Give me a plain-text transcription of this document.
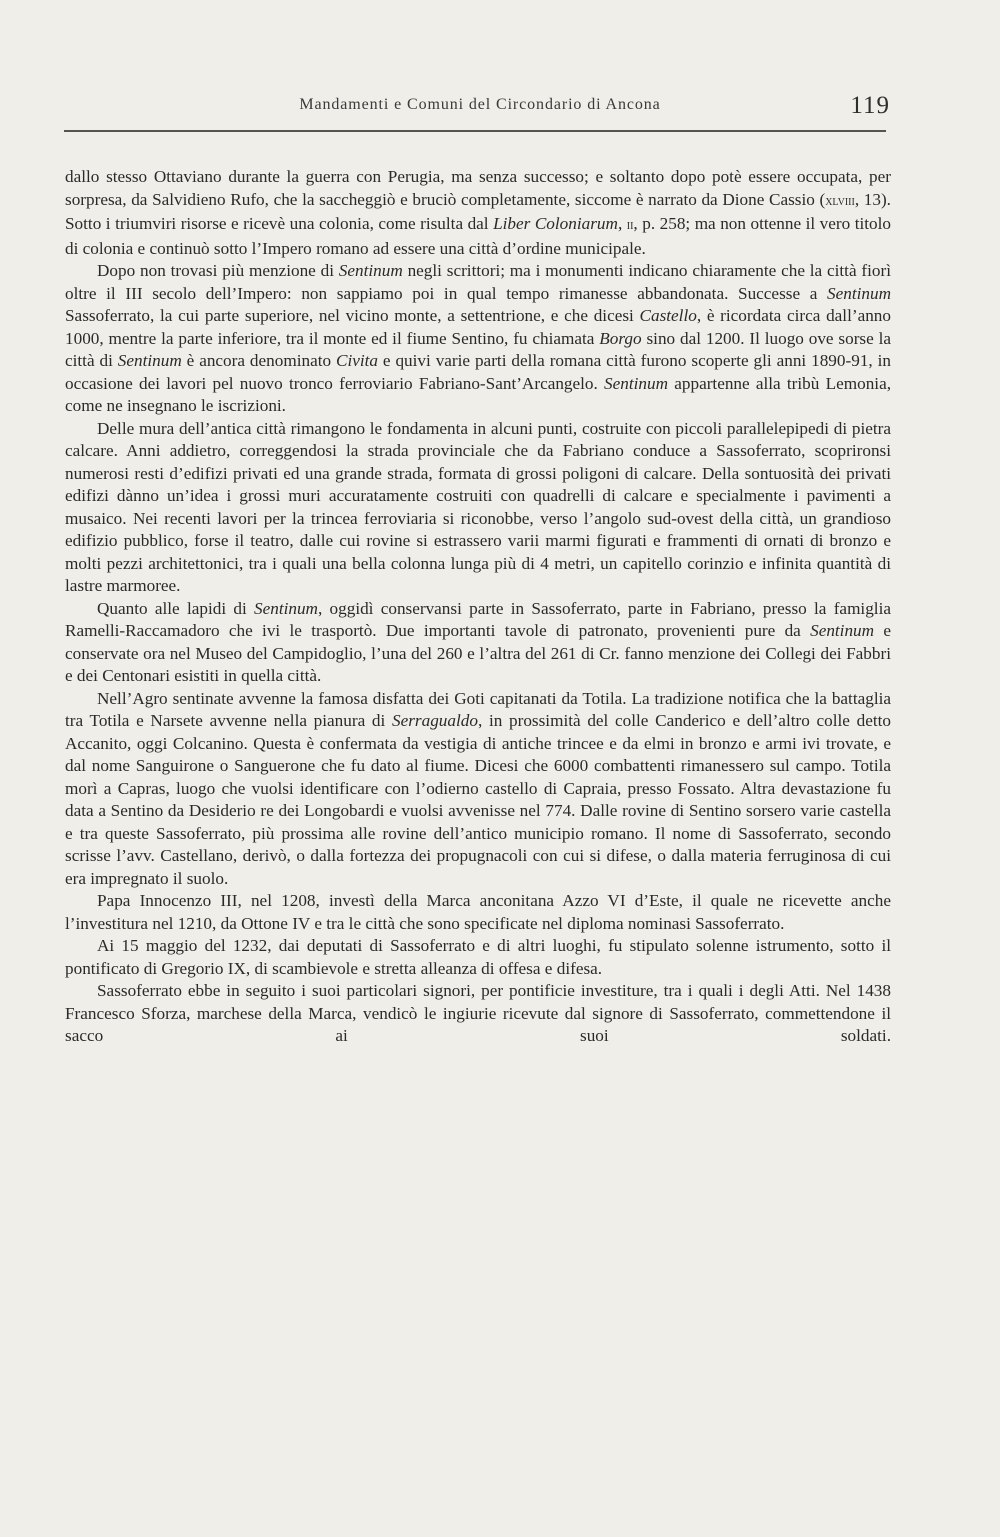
Mandamenti e Comuni del Circondario di Ancona	119

dallo stesso Ottaviano durante la guerra con Perugia, ma senza successo; e soltanto dopo potè essere occupata, per sorpresa, da Salvidieno Rufo, che la saccheggiò e bruciò completamente, siccome è narrato da Dione Cassio (xlviii, 13). Sotto i triumviri risorse e ricevè una colonia, come risulta dal Liber Coloniarum, ii, p. 258; ma non ottenne il vero titolo di colonia e continuò sotto l’Impero romano ad essere una città d’ordine municipale.

Dopo non trovasi più menzione di Sentinum negli scrittori; ma i monumenti indicano chiaramente che la città fiorì oltre il III secolo dell’Impero: non sappiamo poi in qual tempo rimanesse abbandonata. Successe a Sentinum Sassoferrato, la cui parte superiore, nel vicino monte, a settentrione, e che dicesi Castello, è ricordata circa dall’anno 1000, mentre la parte inferiore, tra il monte ed il fiume Sentino, fu chiamata Borgo sino dal 1200. Il luogo ove sorse la città di Sentinum è ancora denominato Civita e quivi varie parti della romana città furono scoperte gli anni 1890-91, in occasione dei lavori pel nuovo tronco ferroviario Fabriano-Sant’Arcangelo. Sentinum appartenne alla tribù Lemonia, come ne insegnano le iscrizioni.

Delle mura dell’antica città rimangono le fondamenta in alcuni punti, costruite con piccoli parallelepipedi di pietra calcare. Anni addietro, correggendosi la strada provinciale che da Fabriano conduce a Sassoferrato, scoprironsi numerosi resti d’edifizi privati ed una grande strada, formata di grossi poligoni di calcare. Della sontuosità dei privati edifizi dànno un’idea i grossi muri accuratamente costruiti con quadrelli di calcare e specialmente i pavimenti a musaico. Nei recenti lavori per la trincea ferroviaria si riconobbe, verso l’angolo sud-ovest della città, un grandioso edifizio pubblico, forse il teatro, dalle cui rovine si estrassero varii marmi figurati e frammenti di ornati di bronzo e molti pezzi architettonici, tra i quali una bella colonna lunga più di 4 metri, un capitello corinzio e infinita quantità di lastre marmoree.

Quanto alle lapidi di Sentinum, oggidì conservansi parte in Sassoferrato, parte in Fabriano, presso la famiglia Ramelli-Raccamadoro che ivi le trasportò. Due importanti tavole di patronato, provenienti pure da Sentinum e conservate ora nel Museo del Campidoglio, l’una del 260 e l’altra del 261 di Cr. fanno menzione dei Collegi dei Fabbri e dei Centonari esistiti in quella città.

Nell’Agro sentinate avvenne la famosa disfatta dei Goti capitanati da Totila. La tradizione notifica che la battaglia tra Totila e Narsete avvenne nella pianura di Serragualdo, in prossimità del colle Canderico e dell’altro colle detto Accanito, oggi Colcanino. Questa è confermata da vestigia di antiche trincee e da elmi in bronzo e armi ivi trovate, e dal nome Sanguirone o Sanguerone che fu dato al fiume. Dicesi che 6000 combattenti rimanessero sul campo. Totila morì a Capras, luogo che vuolsi identificare con l’odierno castello di Capraia, presso Fossato. Altra devastazione fu data a Sentino da Desiderio re dei Longobardi e vuolsi avvenisse nel 774. Dalle rovine di Sentino sorsero varie castella e tra queste Sassoferrato, più prossima alle rovine dell’antico municipio romano. Il nome di Sassoferrato, secondo scrisse l’avv. Castellano, derivò, o dalla fortezza dei propugnacoli con cui si difese, o dalla materia ferruginosa di cui era impregnato il suolo.

Papa Innocenzo III, nel 1208, investì della Marca anconitana Azzo VI d’Este, il quale ne ricevette anche l’investitura nel 1210, da Ottone IV e tra le città che sono specificate nel diploma nominasi Sassoferrato.

Ai 15 maggio del 1232, dai deputati di Sassoferrato e di altri luoghi, fu stipulato solenne istrumento, sotto il pontificato di Gregorio IX, di scambievole e stretta alleanza di offesa e difesa.

Sassoferrato ebbe in seguito i suoi particolari signori, per pontificie investiture, tra i quali i degli Atti. Nel 1438 Francesco Sforza, marchese della Marca, vendicò le ingiurie ricevute dal signore di Sassoferrato, commettendone il sacco ai suoi soldati.
